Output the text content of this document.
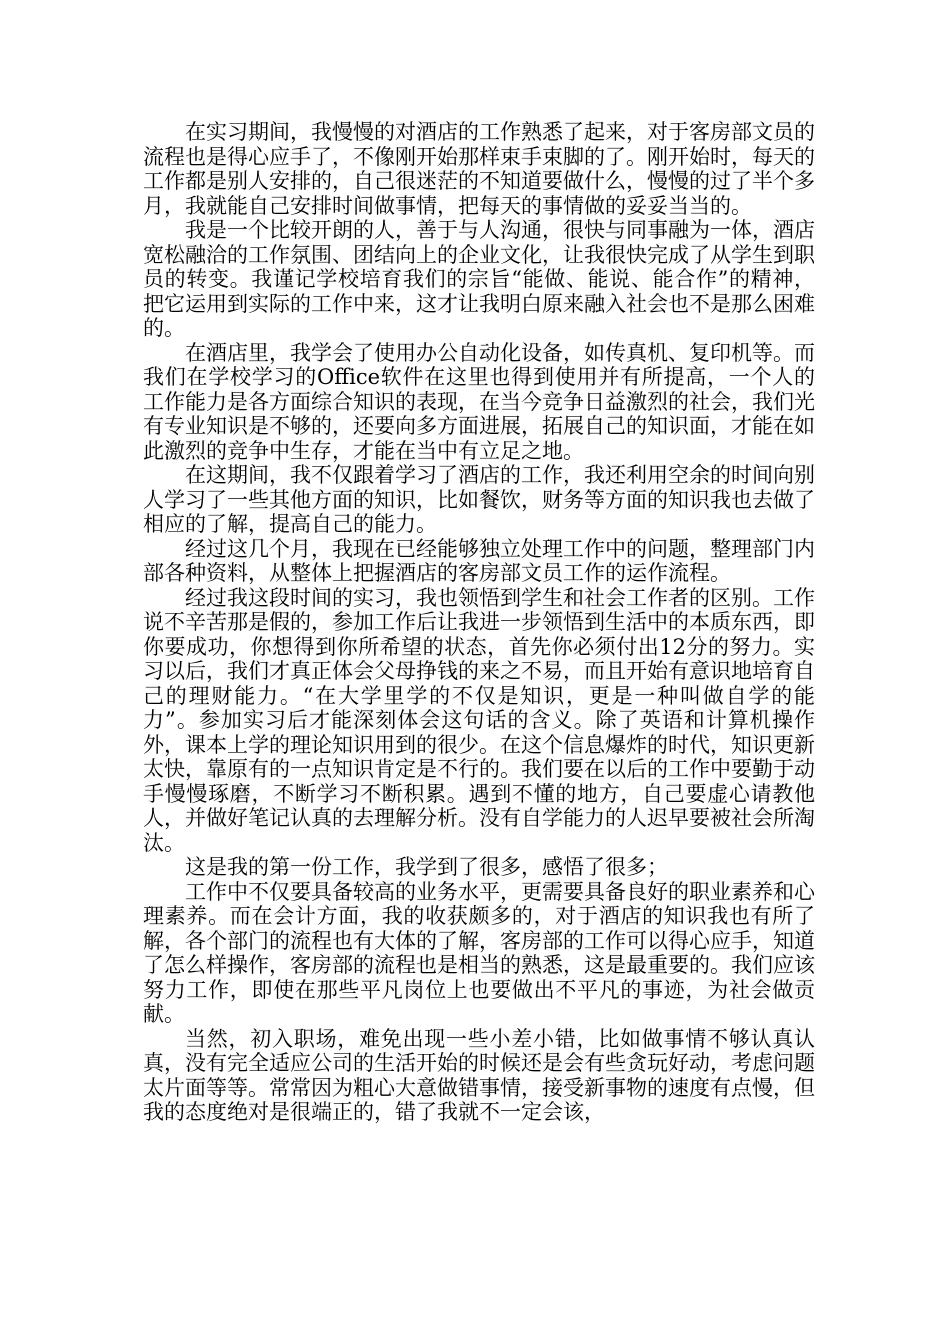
在实习期间，我慢慢的对酒店的工作熟悉了起来，对于客房部文员的流程也是得心应手了，不像刚开始那样束手束脚的了。刚开始时，每天的工作都是别人安排的，自己很迷茫的不知道要做什么，慢慢的过了半个多月，我就能自己安排时间做事情，把每天的事情做的妥妥当当的。

我是一个比较开朗的人，善于与人沟通，很快与同事融为一体，酒店宽松融洽的工作氛围、团结向上的企业文化，让我很快完成了从学生到职员的转变。我谨记学校培育我们的宗旨“能做、能说、能合作”的精神，把它运用到实际的工作中来，这才让我明白原来融入社会也不是那么困难的。

在酒店里，我学会了使用办公自动化设备，如传真机、复印机等。而我们在学校学习的Office软件在这里也得到使用并有所提高，一个人的工作能力是各方面综合知识的表现，在当今竞争日益激烈的社会，我们光有专业知识是不够的，还要向多方面进展，拓展自己的知识面，才能在如此激烈的竞争中生存，才能在当中有立足之地。

在这期间，我不仅跟着学习了酒店的工作，我还利用空余的时间向别人学习了一些其他方面的知识，比如餐饮，财务等方面的知识我也去做了相应的了解，提高自己的能力。

经过这几个月，我现在已经能够独立处理工作中的问题，整理部门内部各种资料，从整体上把握酒店的客房部文员工作的运作流程。

经过我这段时间的实习，我也领悟到学生和社会工作者的区别。工作说不辛苦那是假的，参加工作后让我进一步领悟到生活中的本质东西，即你要成功，你想得到你所希望的状态，首先你必须付出12分的努力。实习以后，我们才真正体会父母挣钱的来之不易，而且开始有意识地培育自己的理财能力。“在大学里学的不仅是知识，更是一种叫做自学的能力”。参加实习后才能深刻体会这句话的含义。除了英语和计算机操作外，课本上学的理论知识用到的很少。在这个信息爆炸的时代，知识更新太快，靠原有的一点知识肯定是不行的。我们要在以后的工作中要勤于动手慢慢琢磨，不断学习不断积累。遇到不懂的地方，自己要虚心请教他人，并做好笔记认真的去理解分析。没有自学能力的人迟早要被社会所淘汰。

这是我的第一份工作，我学到了很多，感悟了很多；

工作中不仅要具备较高的业务水平，更需要具备良好的职业素养和心理素养。而在会计方面，我的收获颇多的，对于酒店的知识我也有所了解，各个部门的流程也有大体的了解，客房部的工作可以得心应手，知道了怎么样操作，客房部的流程也是相当的熟悉，这是最重要的。我们应该努力工作，即使在那些平凡岗位上也要做出不平凡的事迹，为社会做贡献。

当然，初入职场，难免出现一些小差小错，比如做事情不够认真认真，没有完全适应公司的生活开始的时候还是会有些贪玩好动，考虑问题太片面等等。常常因为粗心大意做错事情，接受新事物的速度有点慢，但我的态度绝对是很端正的，错了我就不一定会该，
